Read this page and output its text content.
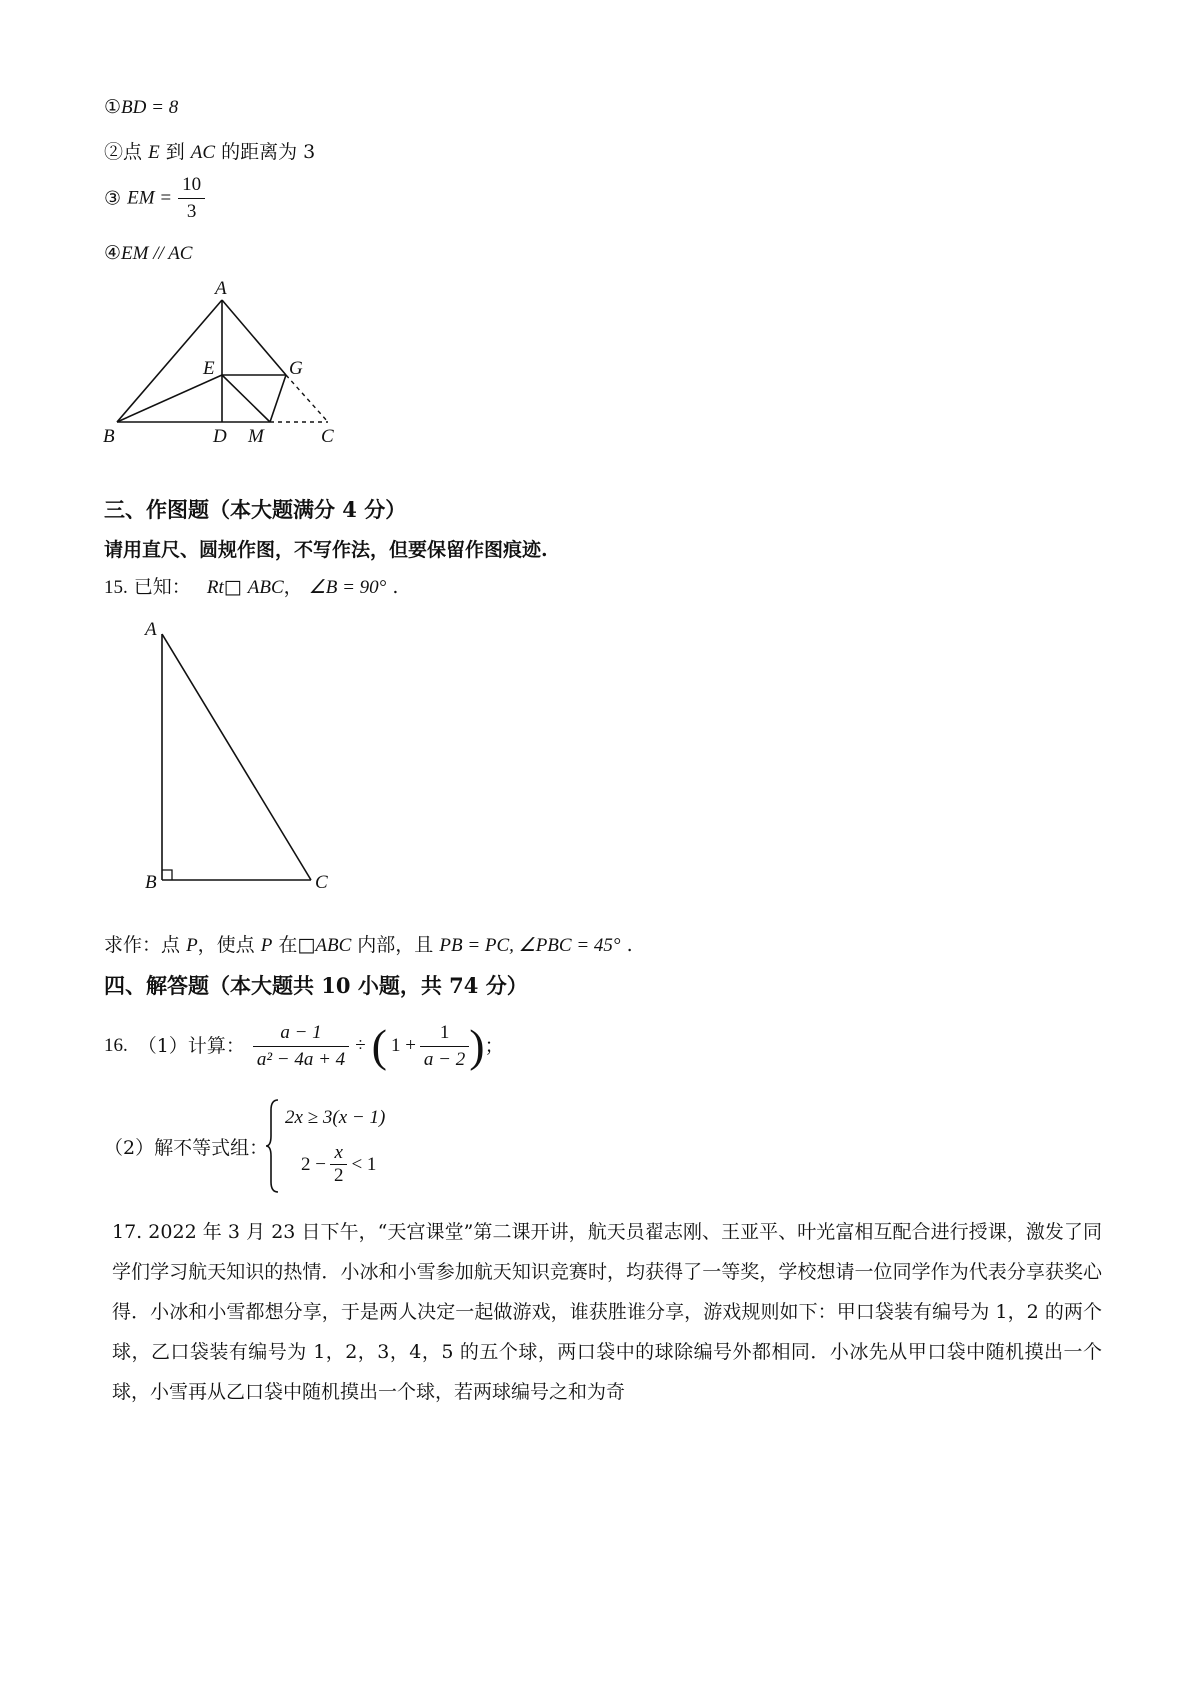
①BD = 8
②点 E 到 AC 的距离为 3
③ EM = $\frac{10}{3}$
④EM // AC
A
E	G
B	D M	C
三、作图题（本大题满分 4 分）
请用直尺、圆规作图，不写作法，但要保留作图痕迹.
15. 已知： Rt□ ABC， ∠B = 90° .
A
B	C
求作：点 P，使点 P 在□ABC 内部，且 PB = PC, ∠PBC = 45° .
四、解答题（本大题共 10 小题，共 74 分）
16. （1）计算： $\frac{a - 1}{\text{a² − 4a + 4}}$ ÷ ( $1 + \frac{1}{a - 2}$ ) ；
（2）解不等式组：
2x ≥ 3(x − 1)
$2 - \frac{x}{2} < 1$
17. 2022 年 3 月 23 日下午，“天宫课堂”第二课开讲，航天员翟志刚、王亚平、叶光富相互配合进行授课，激发了同学们学习航天知识的热情．小冰和小雪参加航天知识竞赛时，均获得了一等奖，学校想请一位同学作为代表分享获奖心得．小冰和小雪都想分享，于是两人决定一起做游戏，谁获胜谁分享，游戏规则如下：甲口袋装有编号为 1，2 的两个球，乙口袋装有编号为 1，2，3，4，5 的五个球，两口袋中的球除编号外都相同．小冰先从甲口袋中随机摸出一个球，小雪再从乙口袋中随机摸出一个球，若两球编号之和为奇
